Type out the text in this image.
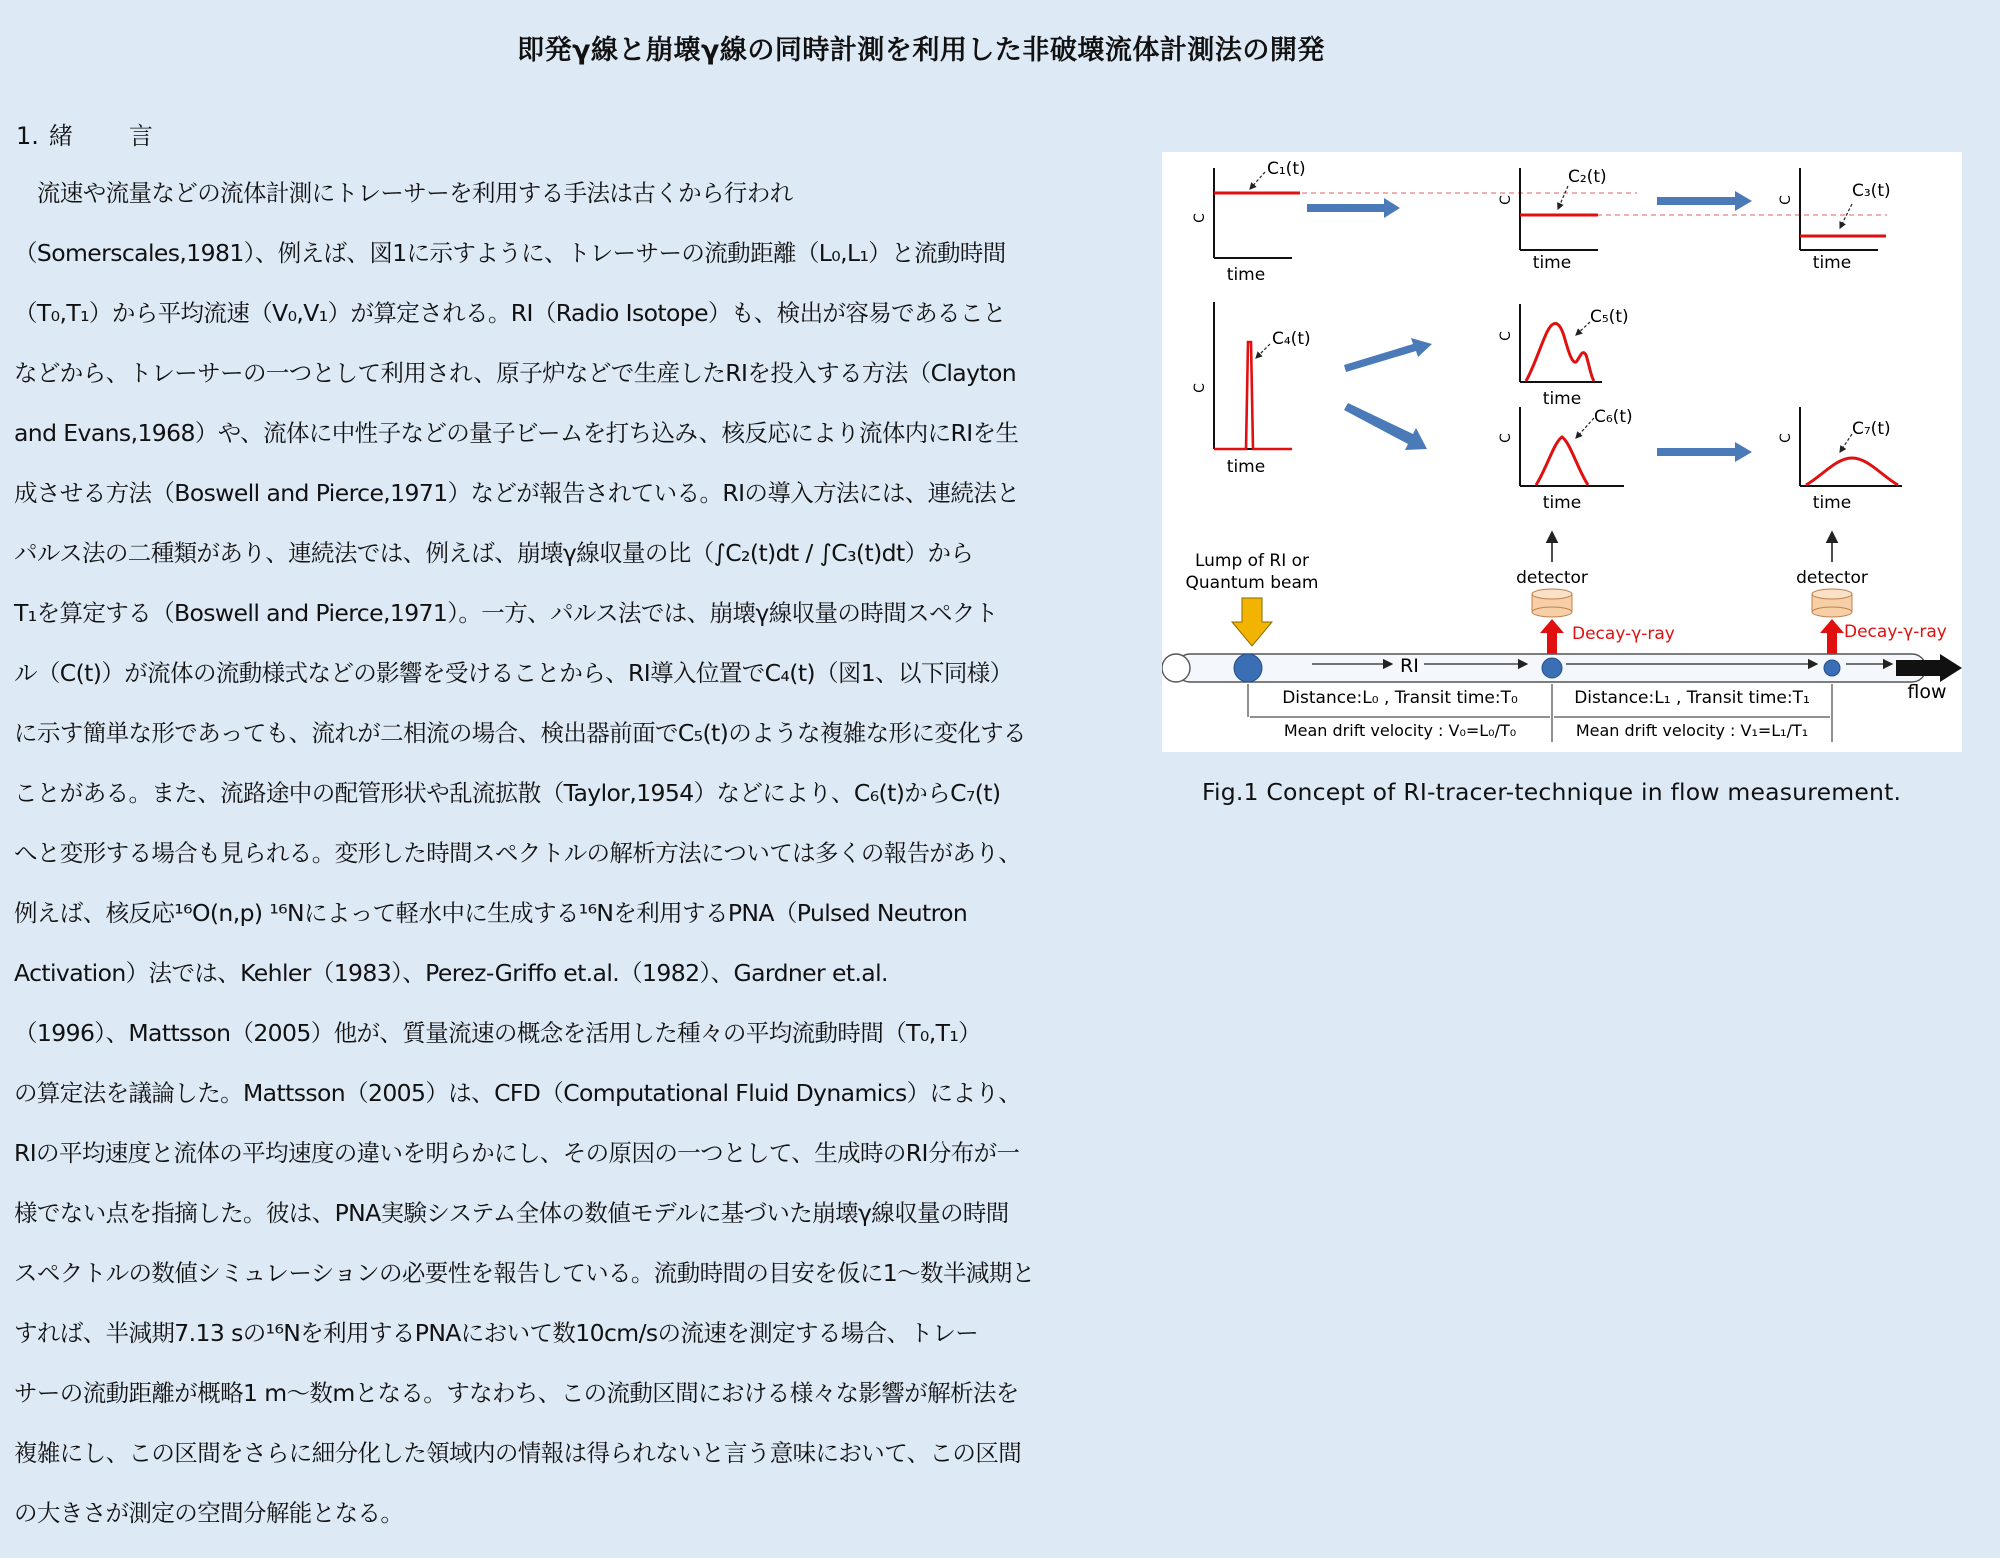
即発γ線と崩壊γ線の同時計測を利用した非破壊流体計測法の開発
1. 緒 言

　流速や流量などの流体計測にトレーサーを利用する手法は古くから行われ

（Somerscales,1981）、例えば、図1に示すように、トレーサーの流動距離（L₀,L₁）と流動時間

（T₀,T₁）から平均流速（V₀,V₁）が算定される。RI（Radio Isotope）も、検出が容易であること

などから、トレーサーの一つとして利用され、原子炉などで生産したRIを投入する方法（Clayton

and Evans,1968）や、流体に中性子などの量子ビームを打ち込み、核反応により流体内にRIを生

成させる方法（Boswell and Pierce,1971）などが報告されている。RIの導入方法には、連続法と

パルス法の二種類があり、連続法では、例えば、崩壊γ線収量の比（∫C₂(t)dt / ∫C₃(t)dt）から

T₁を算定する（Boswell and Pierce,1971）。一方、パルス法では、崩壊γ線収量の時間スペクト

ル（C(t)）が流体の流動様式などの影響を受けることから、RI導入位置でC₄(t)（図1、以下同様）

に示す簡単な形であっても、流れが二相流の場合、検出器前面でC₅(t)のような複雑な形に変化する

ことがある。また、流路途中の配管形状や乱流拡散（Taylor,1954）などにより、C₆(t)からC₇(t)

へと変形する場合も見られる。変形した時間スペクトルの解析方法については多くの報告があり、

例えば、核反応¹⁶O(n,p) ¹⁶Nによって軽水中に生成する¹⁶Nを利用するPNA（Pulsed Neutron

Activation）法では、Kehler（1983）、Perez-Griffo et.al.（1982）、Gardner et.al.

（1996）、Mattsson（2005）他が、質量流速の概念を活用した種々の平均流動時間（T₀,T₁）

の算定法を議論した。Mattsson（2005）は、CFD（Computational Fluid Dynamics）により、

RIの平均速度と流体の平均速度の違いを明らかにし、その原因の一つとして、生成時のRI分布が一

様でない点を指摘した。彼は、PNA実験システム全体の数値モデルに基づいた崩壊γ線収量の時間

スペクトルの数値シミュレーションの必要性を報告している。流動時間の目安を仮に1〜数半減期と

すれば、半減期7.13 sの¹⁶Nを利用するPNAにおいて数10cm/sの流速を測定する場合、トレー

サーの流動距離が概略1 m〜数mとなる。すなわち、この流動区間における様々な影響が解析法を

複雑にし、この区間をさらに細分化した領域内の情報は得られないと言う意味において、この区間

の大きさが測定の空間分解能となる。

C₁(t)
C
time
C₂(t)
C
time
C₃(t)
C
time
C₄(t)
C
time
C₅(t)
C
time
C₆(t)
C
time
C₇(t)
C
time
Lump of RI or
Quantum beam	detector	detector
Decay-γ-ray	Decay-γ-ray
RI
flow
Distance:L₀ , Transit time:T₀	Distance:L₁ , Transit time:T₁
Mean drift velocity : V₀=L₀/T₀	Mean drift velocity : V₁=L₁/T₁
Fig.1 Concept of RI-tracer-technique in flow measurement.
